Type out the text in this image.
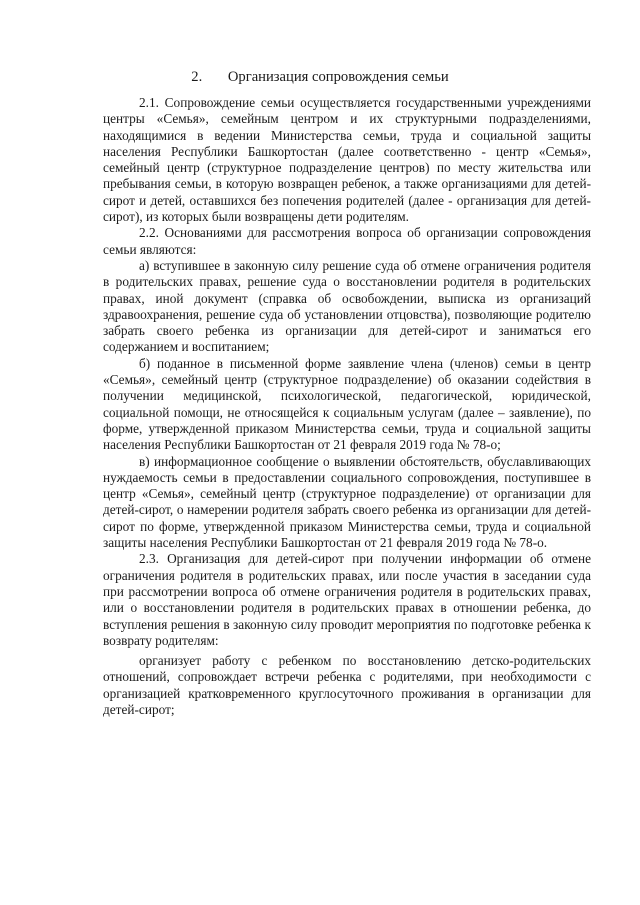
2. Организация сопровождения семьи

2.1. Сопровождение семьи осуществляется государственными учреждениями центры «Семья», семейным центром и их структурными подразделениями, находящимися в ведении Министерства семьи, труда и социальной защиты населения Республики Башкортостан (далее соответственно - центр «Семья», семейный центр (структурное подразделение центров) по месту жительства или пребывания семьи, в которую возвращен ребенок, а также организациями для детей-сирот и детей, оставшихся без попечения родителей (далее - организация для детей-сирот), из которых были возвращены дети родителям.

2.2. Основаниями для рассмотрения вопроса об организации сопровождения семьи являются:

а) вступившее в законную силу решение суда об отмене ограничения родителя в родительских правах, решение суда о восстановлении родителя в родительских правах, иной документ (справка об освобождении, выписка из организаций здравоохранения, решение суда об установлении отцовства), позволяющие родителю забрать своего ребенка из организации для детей-сирот и заниматься его содержанием и воспитанием;

б) поданное в письменной форме заявление члена (членов) семьи в центр «Семья», семейный центр (структурное подразделение) об оказании содействия в получении медицинской, психологической, педагогической, юридической, социальной помощи, не относящейся к социальным услугам (далее – заявление), по форме, утвержденной приказом Министерства семьи, труда и социальной защиты населения Республики Башкортостан от 21 февраля 2019 года № 78-о;

в) информационное сообщение о выявлении обстоятельств, обуславливающих нуждаемость семьи в предоставлении социального сопровождения, поступившее в центр «Семья», семейный центр (структурное подразделение) от организации для детей-сирот, о намерении родителя забрать своего ребенка из организации для детей-сирот по форме, утвержденной приказом Министерства семьи, труда и социальной защиты населения Республики Башкортостан от 21 февраля 2019 года № 78-о.

2.3. Организация для детей-сирот при получении информации об отмене ограничения родителя в родительских правах, или после участия в заседании суда при рассмотрении вопроса об отмене ограничения родителя в родительских правах, или о восстановлении родителя в родительских правах в отношении ребенка, до вступления решения в законную силу проводит мероприятия по подготовке ребенка к возврату родителям:

организует работу с ребенком по восстановлению детско-родительских отношений, сопровождает встречи ребенка с родителями, при необходимости с организацией кратковременного круглосуточного проживания в организации для детей-сирот;
